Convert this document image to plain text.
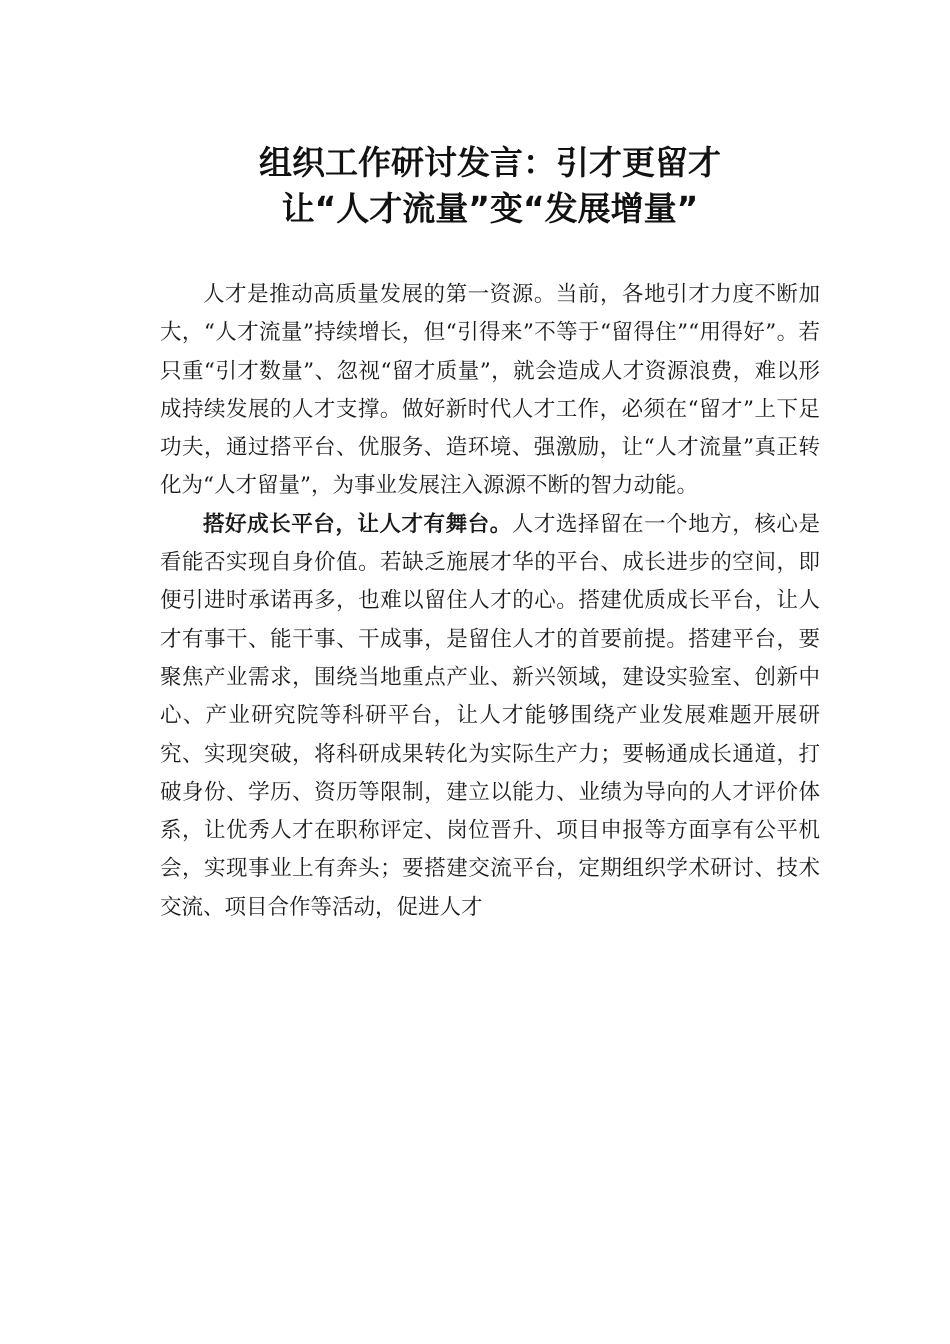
组织工作研讨发言：引才更留才
让“人才流量”变“发展增量”

人才是推动高质量发展的第一资源。当前，各地引才力度不断加大，“人才流量”持续增长，但“引得来”不等于“留得住”“用得好”。若只重“引才数量”、忽视“留才质量”，就会造成人才资源浪费，难以形成持续发展的人才支撑。做好新时代人才工作，必须在“留才”上下足功夫，通过搭平台、优服务、造环境、强激励，让“人才流量”真正转化为“人才留量”，为事业发展注入源源不断的智力动能。

搭好成长平台，让人才有舞台。人才选择留在一个地方，核心是看能否实现自身价值。若缺乏施展才华的平台、成长进步的空间，即便引进时承诺再多，也难以留住人才的心。搭建优质成长平台，让人才有事干、能干事、干成事，是留住人才的首要前提。搭建平台，要聚焦产业需求，围绕当地重点产业、新兴领域，建设实验室、创新中心、产业研究院等科研平台，让人才能够围绕产业发展难题开展研究、实现突破，将科研成果转化为实际生产力；要畅通成长通道，打破身份、学历、资历等限制，建立以能力、业绩为导向的人才评价体系，让优秀人才在职称评定、岗位晋升、项目申报等方面享有公平机会，实现事业上有奔头；要搭建交流平台，定期组织学术研讨、技术交流、项目合作等活动，促进人才
